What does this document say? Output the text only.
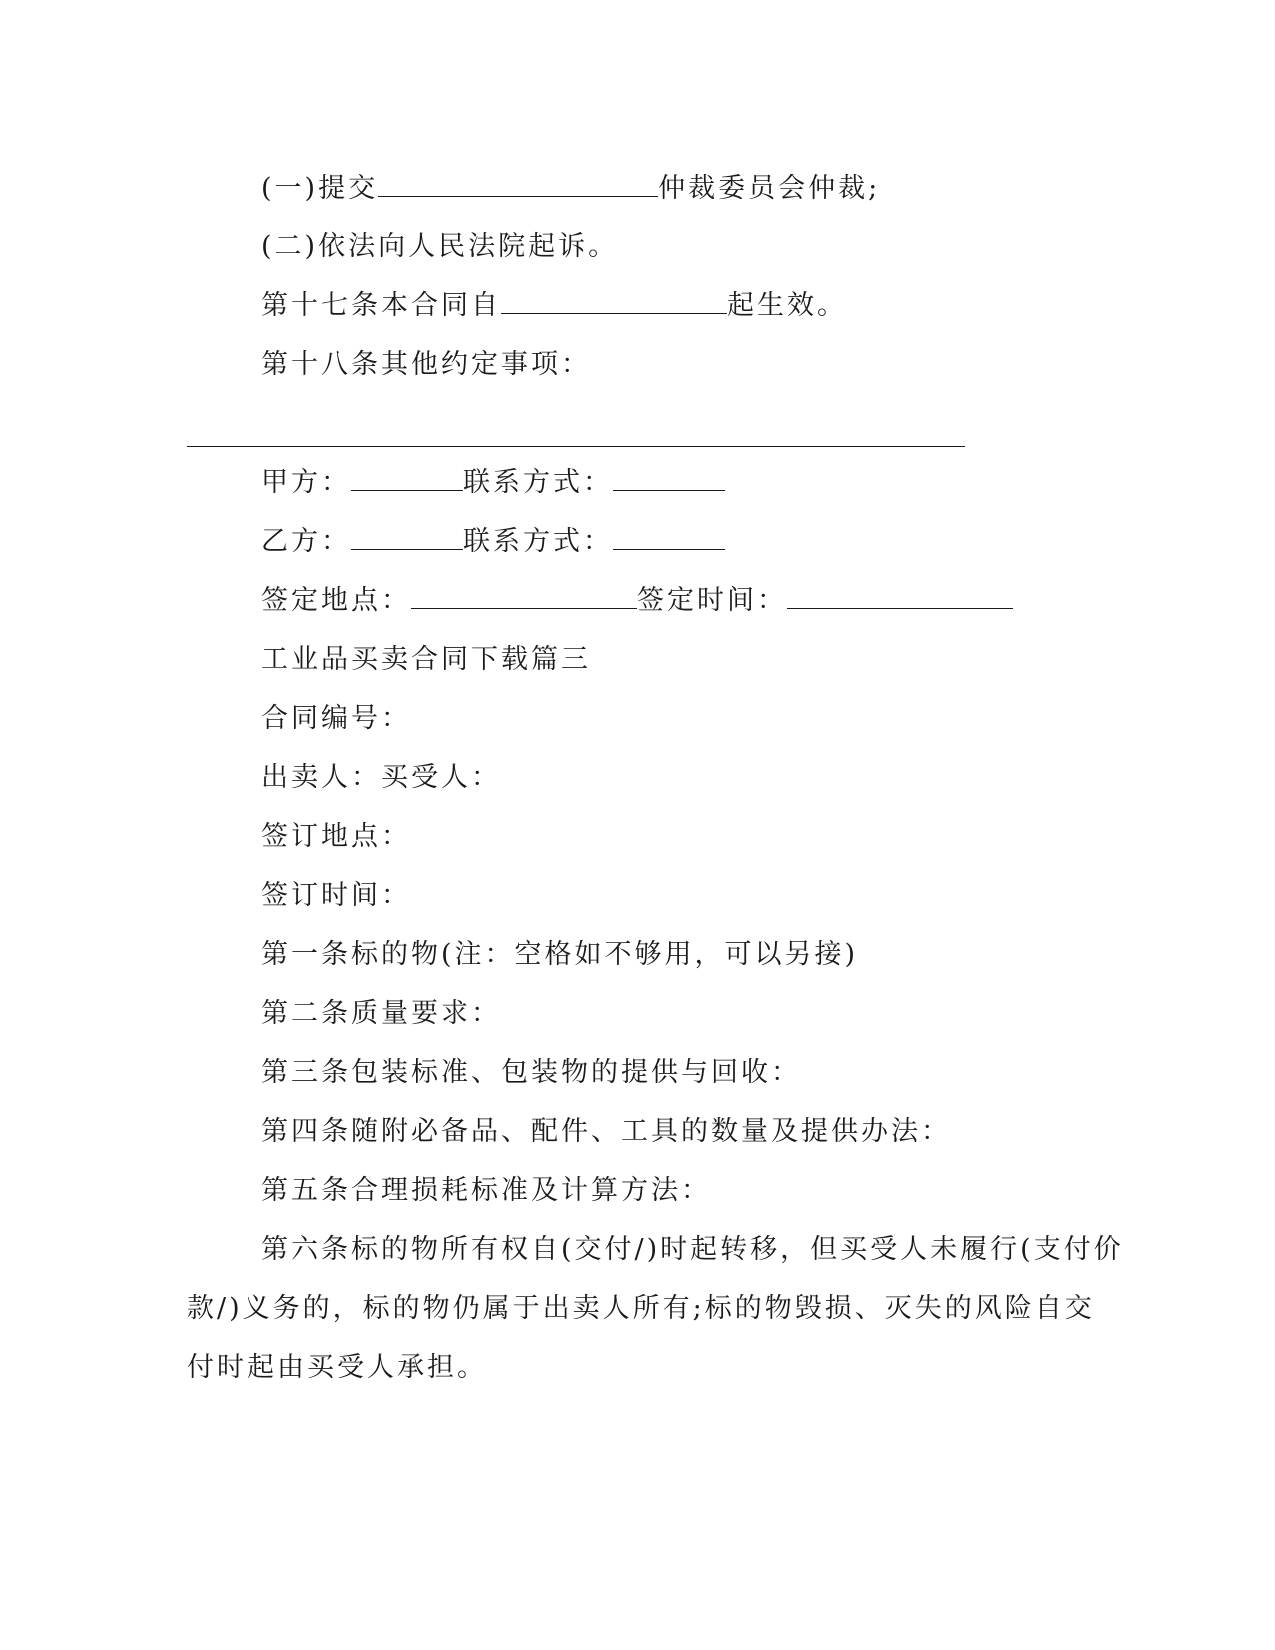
(一)提交	仲裁委员会仲裁;
(二)依法向人民法院起诉。
第十七条本合同自	起生效。
第十八条其他约定事项：
甲方：	联系方式：
乙方：	联系方式：
签定地点：	签定时间：
工业品买卖合同下载篇三
合同编号：
出卖人：买受人：
签订地点：
签订时间：
第一条标的物(注：空格如不够用，可以另接)
第二条质量要求：
第三条包装标准、包装物的提供与回收：
第四条随附必备品、配件、工具的数量及提供办法：
第五条合理损耗标准及计算方法：
第六条标的物所有权自(交付/)时起转移，但买受人未履行(支付价
款/)义务的，标的物仍属于出卖人所有;标的物毁损、灭失的风险自交
付时起由买受人承担。
